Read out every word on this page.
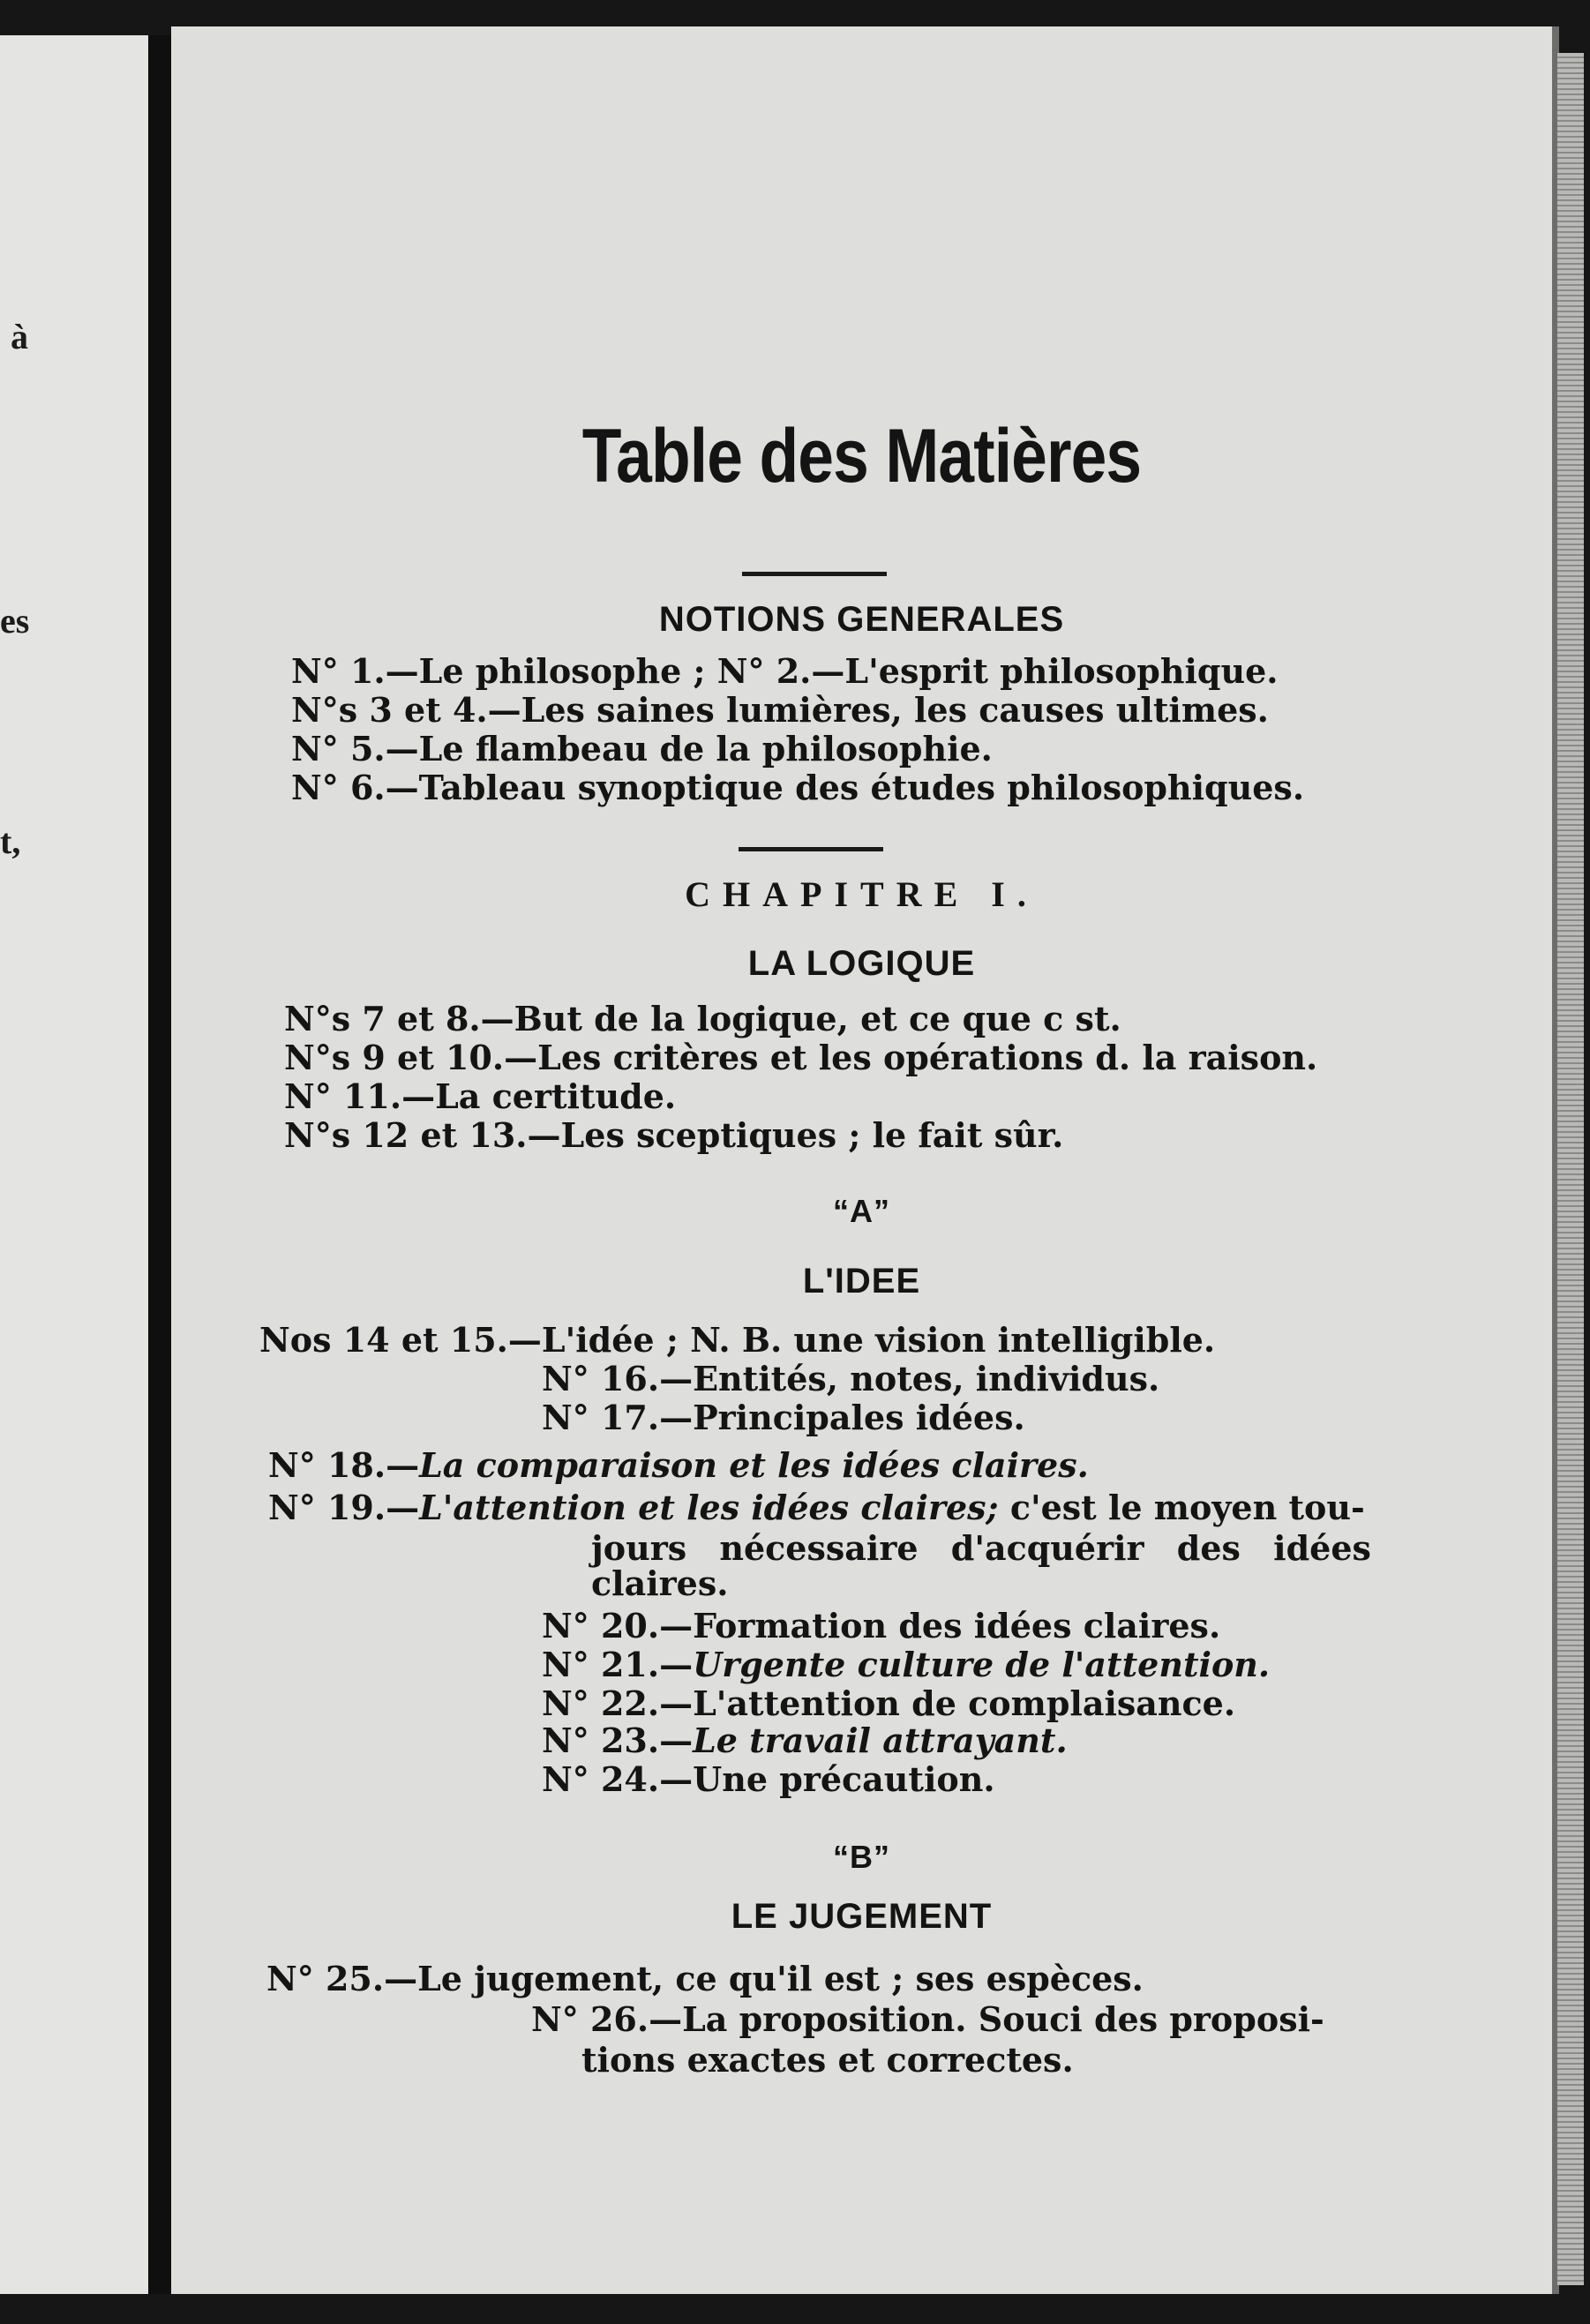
à
es
t,
Table des Matières
NOTIONS GENERALES
N° 1.—Le philosophe ; N° 2.—L'esprit philosophique.
N°s 3 et 4.—Les saines lumières, les causes ultimes.
N° 5.—Le flambeau de la philosophie.
N° 6.—Tableau synoptique des études philosophiques.
CHAPITRE I.
LA LOGIQUE
N°s 7 et 8.—But de la logique, et ce que c st.
N°s 9 et 10.—Les critères et les opérations d. la raison.
N° 11.—La certitude.
N°s 12 et 13.—Les sceptiques ; le fait sûr.
“A”
L'IDEE
Nos 14 et 15.—L'idée ; N. B. une vision intelligible.
N° 16.—Entités, notes, individus.
N° 17.—Principales idées.
N° 18.—La comparaison et les idées claires.
N° 19.—L'attention et les idées claires; c'est le moyen tou-
jours nécessaire d'acquérir des idées
claires.
N° 20.—Formation des idées claires.
N° 21.—Urgente culture de l'attention.
N° 22.—L'attention de complaisance.
N° 23.—Le travail attrayant.
N° 24.—Une précaution.
“B”
LE JUGEMENT
N° 25.—Le jugement, ce qu'il est ; ses espèces.
N° 26.—La proposition. Souci des proposi-
tions exactes et correctes.
